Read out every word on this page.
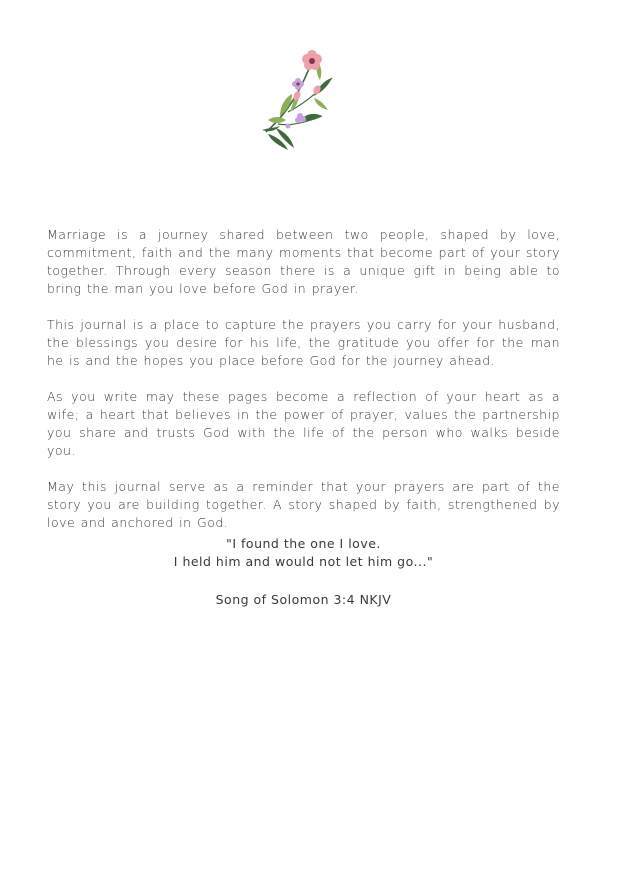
Marriage is a journey shared between two people, shaped by love, commitment, faith and the many moments that become part of your story together. Through every season there is a unique gift in being able to bring the man you love before God in prayer.

This journal is a place to capture the prayers you carry for your husband, the blessings you desire for his life, the gratitude you offer for the man he is and the hopes you place before God for the journey ahead.

As you write may these pages become a reflection of your heart as a wife; a heart that believes in the power of prayer, values the partnership you share and trusts God with the life of the person who walks beside you.

May this journal serve as a reminder that your prayers are part of the story you are building together. A story shaped by faith, strengthened by love and anchored in God.

"I found the one I love.
I held him and would not let him go..."
Song of Solomon 3:4 NKJV
